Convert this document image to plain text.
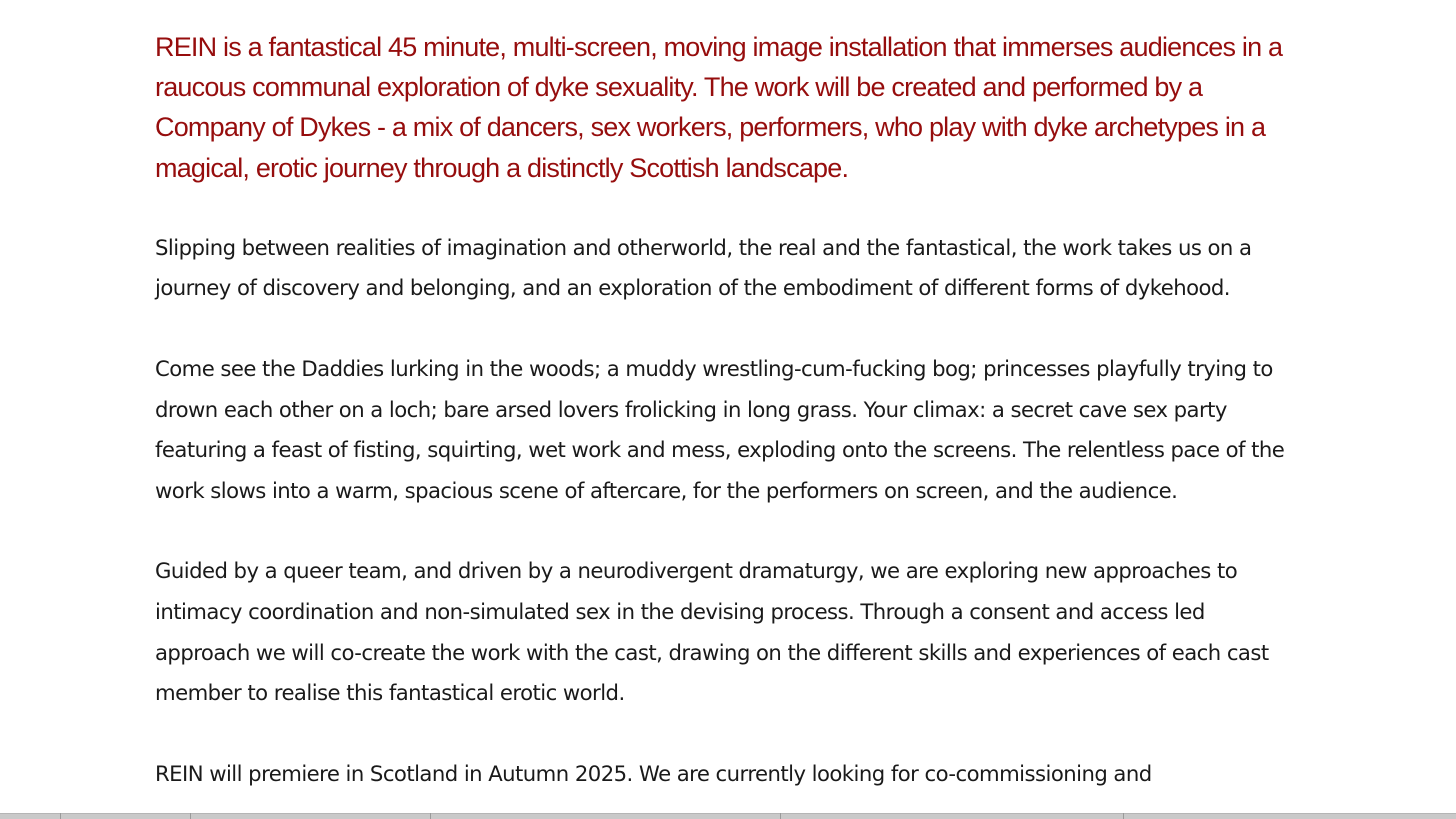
REIN is a fantastical 45 minute, multi-screen, moving image installation that immerses audiences in a raucous communal exploration of dyke sexuality. The work will be created and performed by a Company of Dykes - a mix of dancers, sex workers, performers, who play with dyke archetypes in a magical, erotic journey through a distinctly Scottish landscape.

Slipping between realities of imagination and otherworld, the real and the fantastical, the work takes us on a journey of discovery and belonging, and an exploration of the embodiment of different forms of dykehood.

Come see the Daddies lurking in the woods; a muddy wrestling-cum-fucking bog; princesses playfully trying to drown each other on a loch; bare arsed lovers frolicking in long grass. Your climax: a secret cave sex party featuring a feast of fisting, squirting, wet work and mess, exploding onto the screens. The relentless pace of the work slows into a warm, spacious scene of aftercare, for the performers on screen, and the audience.

Guided by a queer team, and driven by a neurodivergent dramaturgy, we are exploring new approaches to intimacy coordination and non-simulated sex in the devising process. Through a consent and access led approach we will co-create the work with the cast, drawing on the different skills and experiences of each cast member to realise this fantastical erotic world.

REIN will premiere in Scotland in Autumn 2025. We are currently looking for co-commissioning and
